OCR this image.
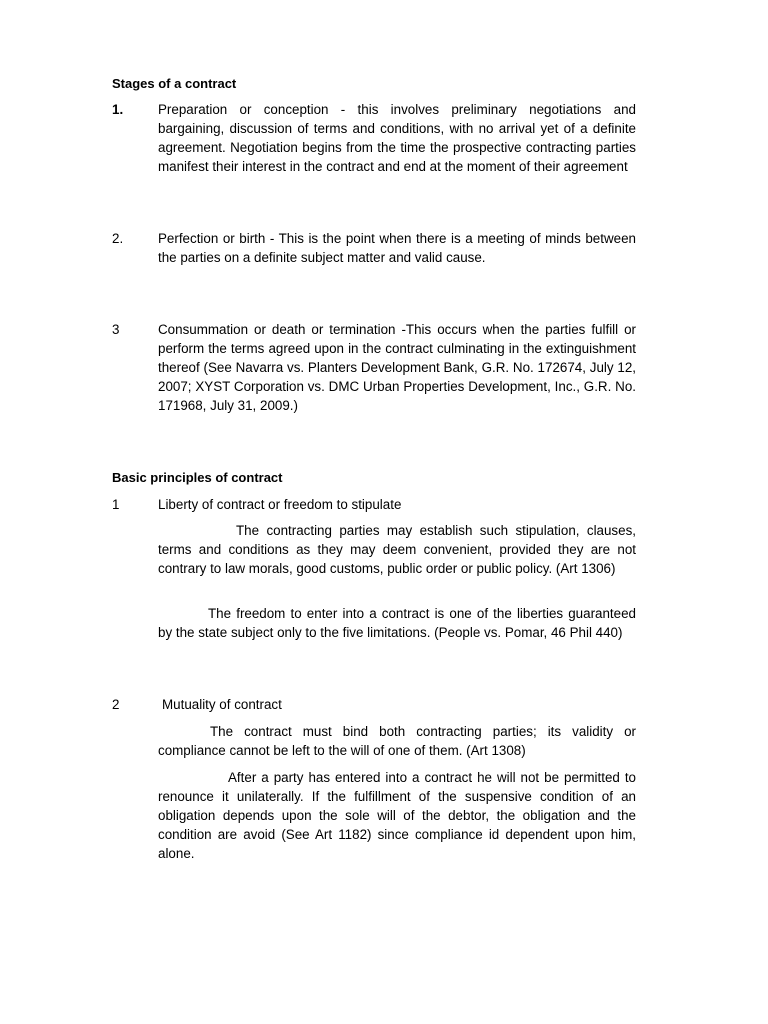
Stages of a contract
1.	Preparation or conception - this involves preliminary negotiations and bargaining, discussion of terms and conditions, with no arrival yet of a definite agreement. Negotiation begins from the time the prospective contracting parties manifest their interest in the contract and end at the moment of their agreement
2.	Perfection or birth - This is the point when there is a meeting of minds between the parties on a definite subject matter and valid cause.
3	Consummation or death or termination -This occurs when the parties fulfill or perform the terms agreed upon in the contract culminating in the extinguishment thereof (See Navarra vs. Planters Development Bank, G.R. No. 172674, July 12, 2007; XYST Corporation vs. DMC Urban Properties Development, Inc., G.R. No. 171968, July 31, 2009.)
Basic principles of contract
1	Liberty of contract or freedom to stipulate
The contracting parties may establish such stipulation, clauses, terms and conditions as they may deem convenient, provided they are not contrary to law morals, good customs, public order or public policy. (Art 1306)
The freedom to enter into a contract is one of the liberties guaranteed by the state subject only to the five limitations. (People vs. Pomar, 46 Phil 440)
2	Mutuality of contract
The contract must bind both contracting parties; its validity or compliance cannot be left to the will of one of them. (Art 1308)
After a party has entered into a contract he will not be permitted to renounce it unilaterally. If the fulfillment of the suspensive condition of an obligation depends upon the sole will of the debtor, the obligation and the condition are avoid (See Art 1182) since compliance id dependent upon him, alone.
